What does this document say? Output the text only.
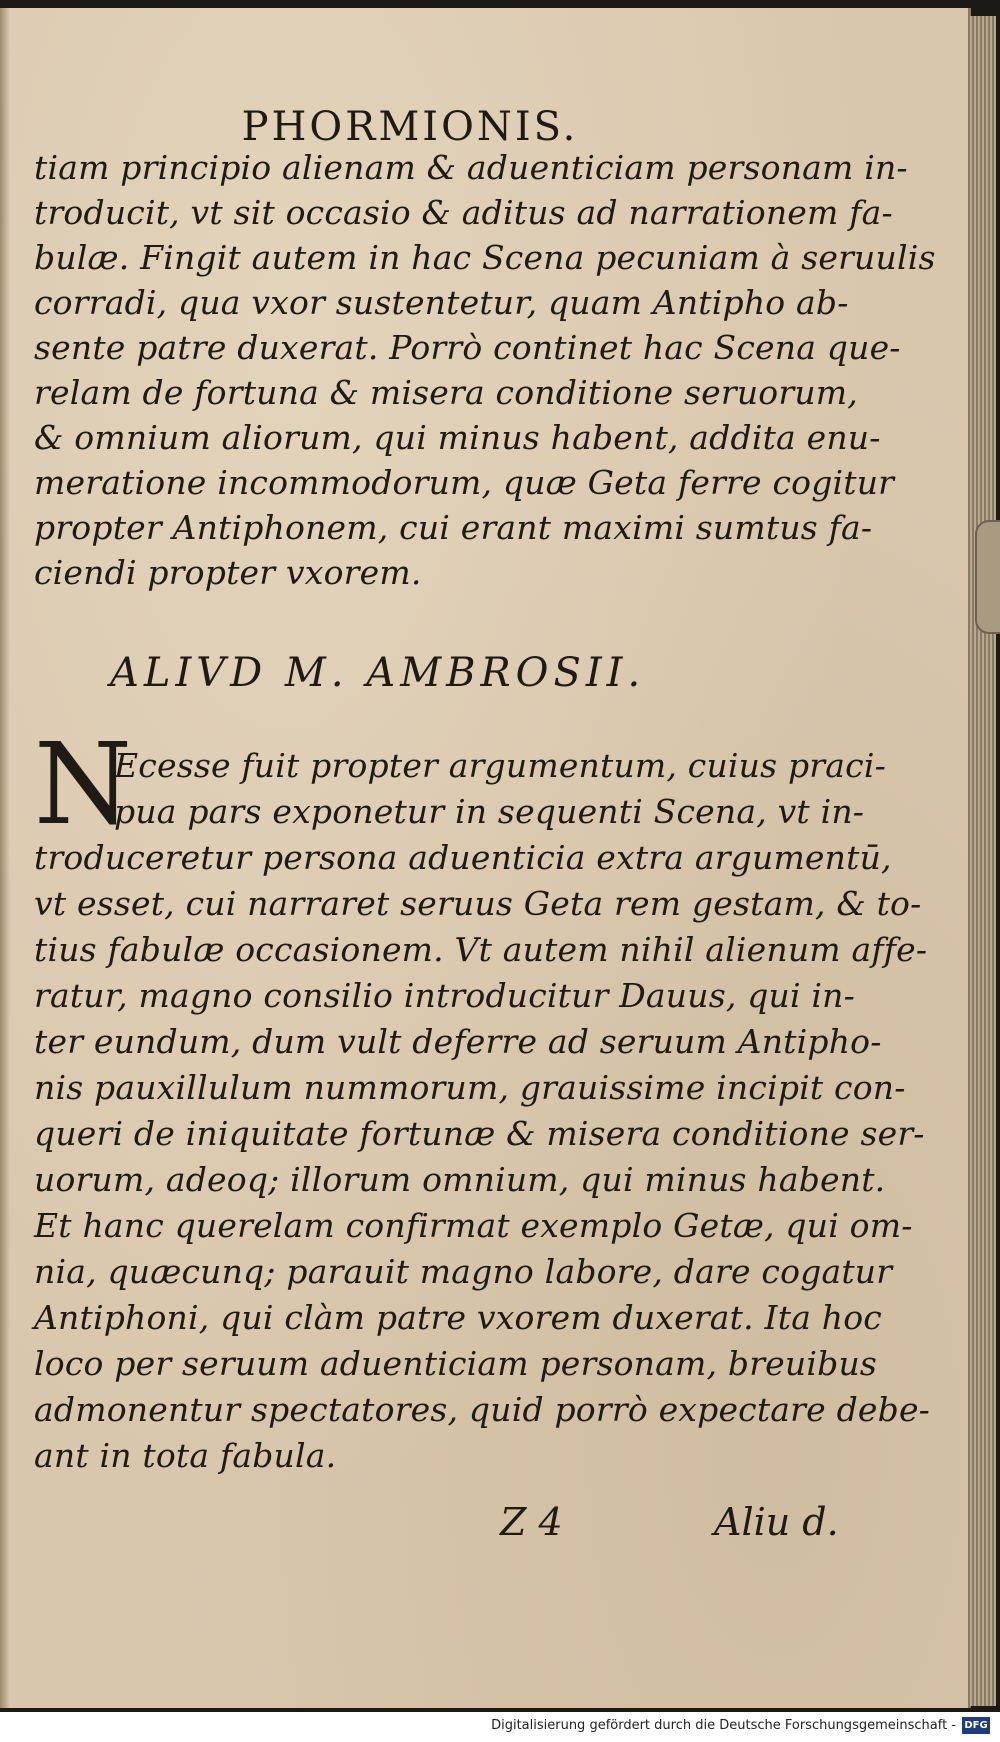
PHORMIONIS.
tiam principio alienam & aduenticiam personam in-
troducit, vt sit occasio & aditus ad narrationem fa-
bulæ. Fingit autem in hac Scena pecuniam à seruulis
corradi, qua vxor sustentetur, quam Antipho ab-
sente patre duxerat. Porrò continet hac Scena que-
relam de fortuna & misera conditione seruorum,
& omnium aliorum, qui minus habent, addita enu-
meratione incommodorum, quæ Geta ferre cogitur
propter Antiphonem, cui erant maximi sumtus fa-
ciendi propter vxorem.
ALIVD M. AMBROSII.
N
Ecesse fuit propter argumentum, cuius praci-
pua pars exponetur in sequenti Scena, vt in-
troduceretur persona aduenticia extra argumentū,
vt esset, cui narraret seruus Geta rem gestam, & to-
tius fabulæ occasionem. Vt autem nihil alienum affe-
ratur, magno consilio introducitur Dauus, qui in-
ter eundum, dum vult deferre ad seruum Antipho-
nis pauxillulum nummorum, grauissime incipit con-
queri de iniquitate fortunæ & misera conditione ser-
uorum, adeoq; illorum omnium, qui minus habent.
Et hanc querelam confirmat exemplo Getæ, qui om-
nia, quæcunq; parauit magno labore, dare cogatur
Antiphoni, qui clàm patre vxorem duxerat. Ita hoc
loco per seruum aduenticiam personam, breuibus
admonentur spectatores, quid porrò expectare debe-
ant in tota fabula.
Z 4	Aliu d.
Digitalisierung gefördert durch die Deutsche Forschungsgemeinschaft - DFG
